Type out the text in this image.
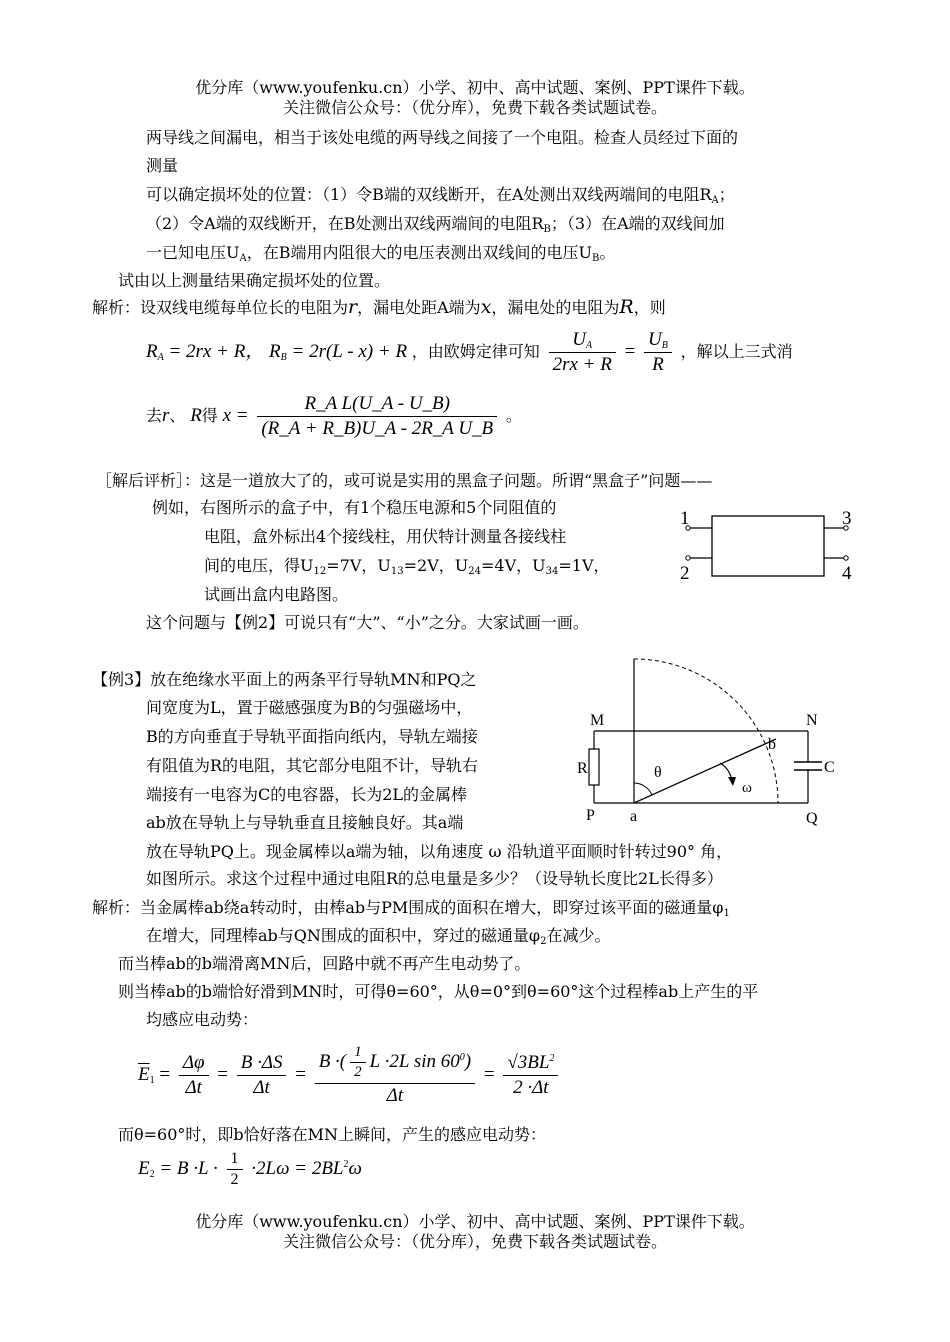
优分库（www.youfenku.cn）小学、初中、高中试题、案例、PPT课件下载。
关注微信公众号：（优分库），免费下载各类试题试卷。
两导线之间漏电，相当于该处电缆的两导线之间接了一个电阻。检查人员经过下面的
测量
可以确定损坏处的位置：（1）令B端的双线断开，在A处测出双线两端间的电阻$R_A$；
（2）令A端的双线断开，在B处测出双线两端间的电阻$R_B$；（3）在A端的双线间加
一已知电压$U_A$，在B端用内阻很大的电压表测出双线间的电压$U_B$。
试由以上测量结果确定损坏处的位置。
解析：设双线电缆每单位长的电阻为r，漏电处距A端为x，漏电处的电阻为R，则
$R_A = 2rx + R$， $R_B = 2r(L - x) + R$ ，由欧姆定律可知 $\frac{U_A}{2rx + R} = \frac{U_B}{R}$ ，解以上三式消
去r、 R得 $x = \frac{\text{R\_A L(U\_A - U\_B)}}{\text{(R\_A + R\_B)U\_A - 2R\_A U\_B}}$ 。
［解后评析］：这是一道放大了的，或可说是实用的黑盒子问题。所谓“黑盒子”问题——
例如，右图所示的盒子中，有1个稳压电源和5个同阻值的
电阻，盒外标出4个接线柱，用伏特计测量各接线柱
间的电压，得$U_{12}=7V$，$U_{13}=2V$，$U_{24}=4V$，$U_{34}=1V$，
试画出盒内电路图。
这个问题与【例2】可说只有“大”、“小”之分。大家试画一画。
1
2
3
4
【例3】放在绝缘水平面上的两条平行导轨MN和PQ之
间宽度为L，置于磁感强度为B的匀强磁场中，
B的方向垂直于导轨平面指向纸内，导轨左端接
有阻值为R的电阻，其它部分电阻不计，导轨右
端接有一电容为C的电容器，长为2L的金属棒
ab放在导轨上与导轨垂直且接触良好。其a端
放在导轨PQ上。现金属棒以a端为轴，以角速度 ω 沿轨道平面顺时针转过90° 角，
如图所示。求这个过程中通过电阻R的总电量是多少？（设导轨长度比2L长得多）
M	N
P	Q
R	C
a
b
θ
ω
解析：当金属棒ab绕a转动时，由棒ab与PM围成的面积在增大，即穿过该平面的磁通量$\varphi_1$
在增大，同理棒ab与QN围成的面积中，穿过的磁通量$\varphi_2$在减少。
而当棒ab的b端滑离MN后，回路中就不再产生电动势了。
则当棒ab的b端恰好滑到MN时，可得θ=60°，从θ=0°到θ=60°这个过程棒ab上产生的平
均感应电动势：
$\overline{E}_1 = \frac{\Delta\varphi}{\Delta t} = \frac{B \cdot\Delta S}{\Delta t} = \frac{B \cdot( \frac{1}{2} L \cdot 2L \sin 60^0)}{\Delta t} = \frac{√3BL^2}{2 \cdot\Delta t}$
而θ=60°时，即b恰好落在MN上瞬间，产生的感应电动势：
$E_2 = B \cdot L \cdot \frac{1}{2} \cdot 2L\omega = 2BL^2\omega$
优分库（www.youfenku.cn）小学、初中、高中试题、案例、PPT课件下载。
关注微信公众号：（优分库），免费下载各类试题试卷。
